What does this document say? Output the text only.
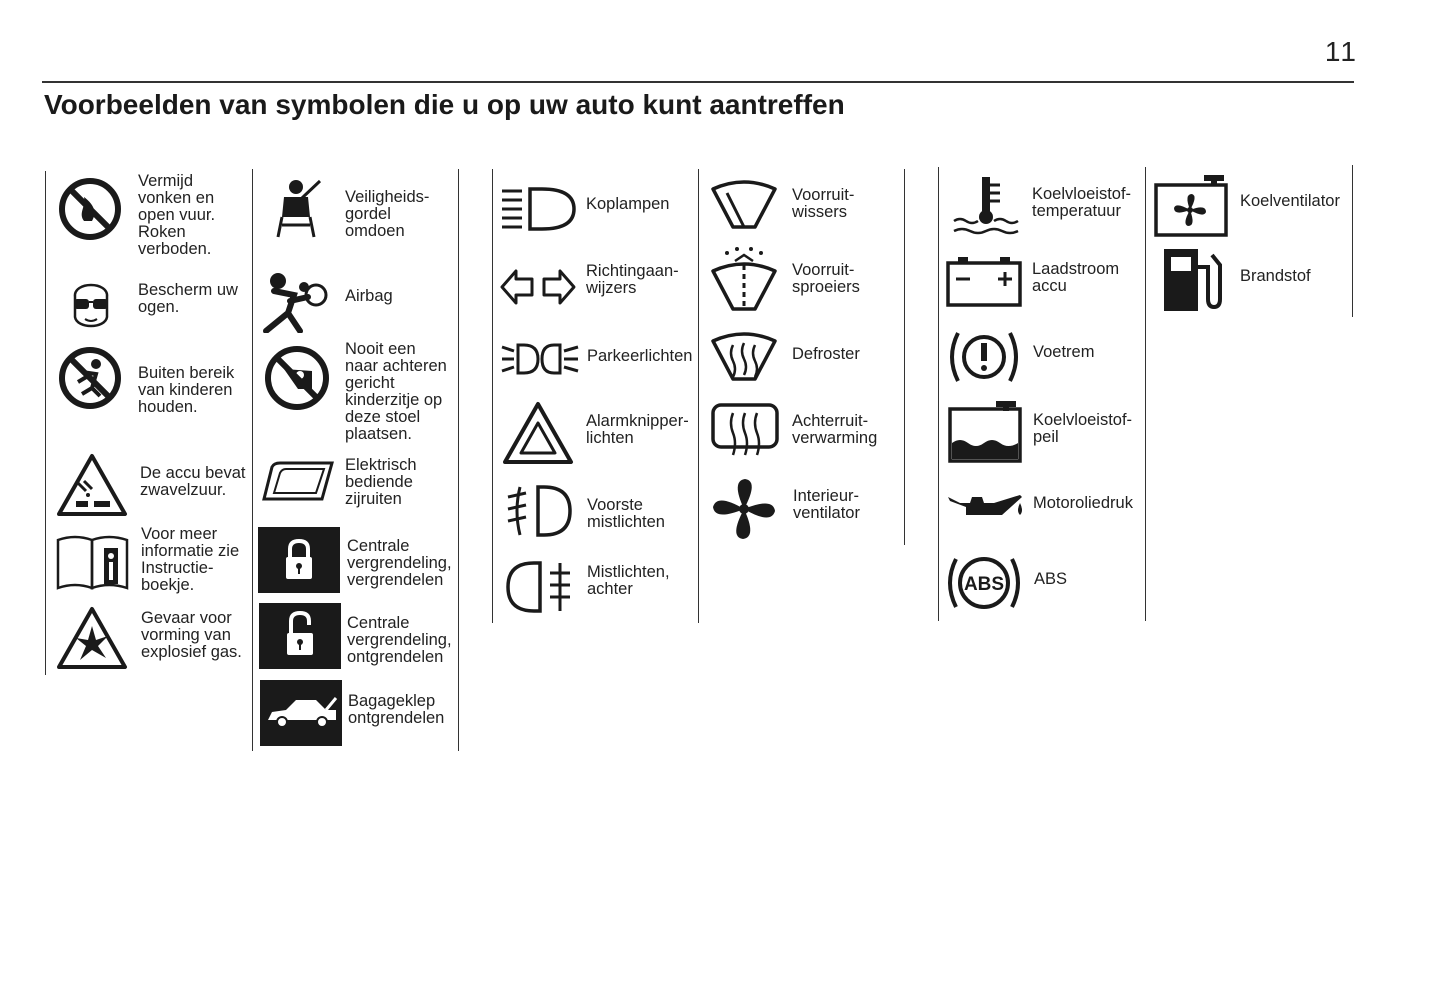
11
Voorbeelden van symbolen die u op uw auto kunt aantreffen
Vermijd
vonken en
open vuur.
Roken
verboden.
Bescherm uw
ogen.
Buiten bereik
van kinderen
houden.
De accu bevat
zwavelzuur.
Voor meer
informatie zie
Instructie-
boekje.
Gevaar voor
vorming van
explosief gas.
Veiligheids-
gordel
omdoen
Airbag
Nooit een
naar achteren
gericht
kinderzitje op
deze stoel
plaatsen.
Elektrisch
bediende
zijruiten
Centrale
vergrendeling,
vergrendelen
Centrale
vergrendeling,
ontgrendelen
Bagageklep
ontgrendelen
Koplampen
Richtingaan-
wijzers
Parkeerlichten
Alarmknipper-
lichten
Voorste
mistlichten
Mistlichten,
achter
Voorruit-
wissers
Voorruit-
sproeiers
Defroster
Achterruit-
verwarming
Interieur-
ventilator
Koelvloeistof-
temperatuur
Laadstroom
accu
Voetrem
Koelvloeistof-
peil
Motoroliedruk
ABS ABS
Koelventilator
Brandstof
